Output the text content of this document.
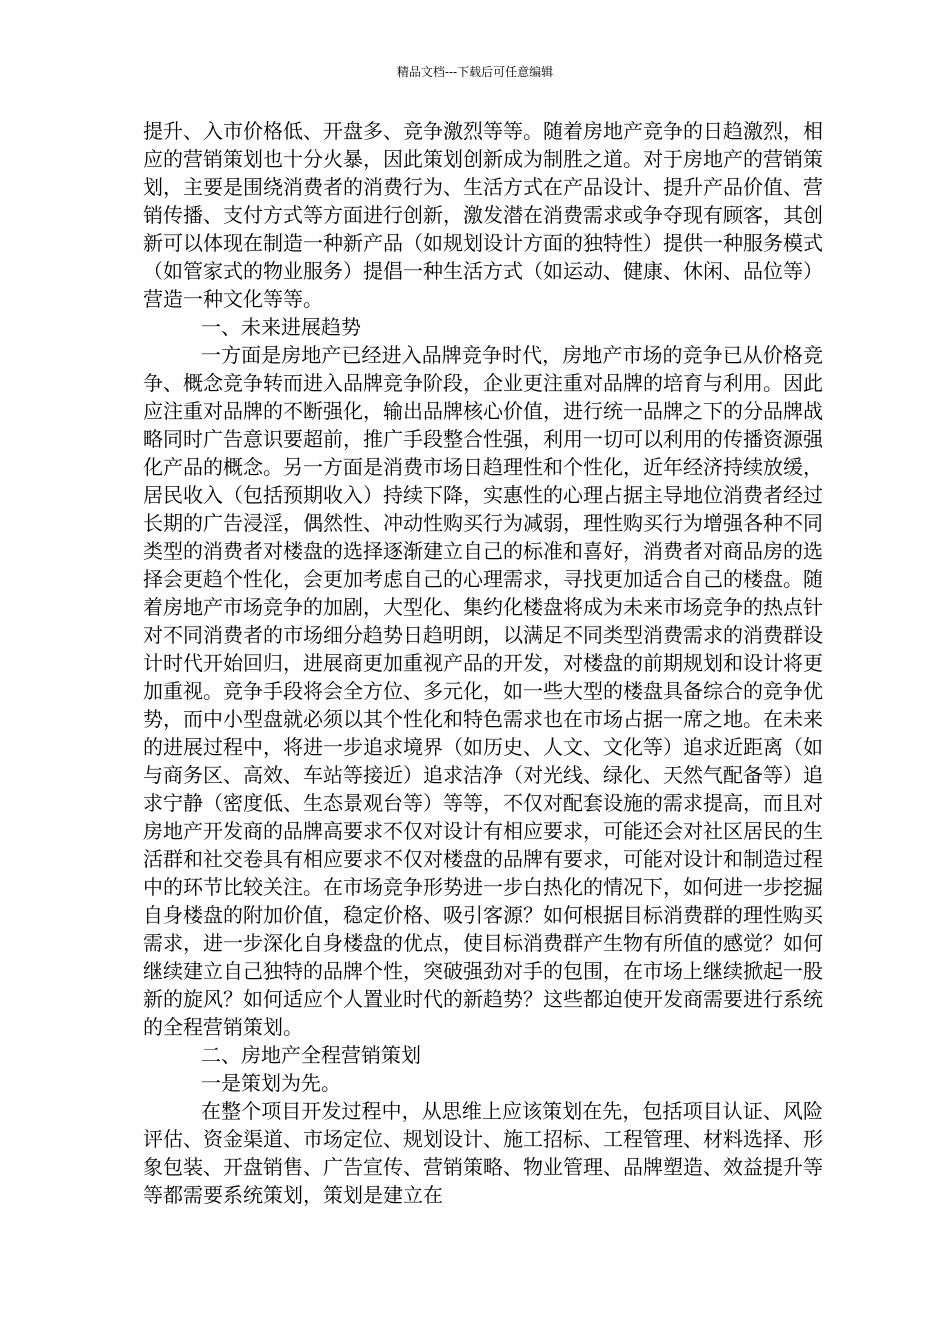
精品文档---下载后可任意编辑

提升、入市价格低、开盘多、竞争激烈等等。随着房地产竞争的日趋激烈，相应的营销策划也十分火暴，因此策划创新成为制胜之道。对于房地产的营销策划，主要是围绕消费者的消费行为、生活方式在产品设计、提升产品价值、营销传播、支付方式等方面进行创新，激发潜在消费需求或争夺现有顾客，其创新可以体现在制造一种新产品（如规划设计方面的独特性）提供一种服务模式（如管家式的物业服务）提倡一种生活方式（如运动、健康、休闲、品位等）营造一种文化等等。

一、未来进展趋势

一方面是房地产已经进入品牌竞争时代，房地产市场的竞争已从价格竞争、概念竞争转而进入品牌竞争阶段，企业更注重对品牌的培育与利用。因此应注重对品牌的不断强化，输出品牌核心价值，进行统一品牌之下的分品牌战略同时广告意识要超前，推广手段整合性强，利用一切可以利用的传播资源强化产品的概念。另一方面是消费市场日趋理性和个性化，近年经济持续放缓，居民收入（包括预期收入）持续下降，实惠性的心理占据主导地位消费者经过长期的广告浸淫，偶然性、冲动性购买行为减弱，理性购买行为增强各种不同类型的消费者对楼盘的选择逐渐建立自己的标准和喜好，消费者对商品房的选择会更趋个性化，会更加考虑自己的心理需求，寻找更加适合自己的楼盘。随着房地产市场竞争的加剧，大型化、集约化楼盘将成为未来市场竞争的热点针对不同消费者的市场细分趋势日趋明朗，以满足不同类型消费需求的消费群设计时代开始回归，进展商更加重视产品的开发，对楼盘的前期规划和设计将更加重视。竞争手段将会全方位、多元化，如一些大型的楼盘具备综合的竞争优势，而中小型盘就必须以其个性化和特色需求也在市场占据一席之地。在未来的进展过程中，将进一步追求境界（如历史、人文、文化等）追求近距离（如与商务区、高效、车站等接近）追求洁净（对光线、绿化、天然气配备等）追求宁静（密度低、生态景观台等）等等，不仅对配套设施的需求提高，而且对房地产开发商的品牌高要求不仅对设计有相应要求，可能还会对社区居民的生活群和社交卷具有相应要求不仅对楼盘的品牌有要求，可能对设计和制造过程中的环节比较关注。在市场竞争形势进一步白热化的情况下，如何进一步挖掘自身楼盘的附加价值，稳定价格、吸引客源？如何根据目标消费群的理性购买需求，进一步深化自身楼盘的优点，使目标消费群产生物有所值的感觉？如何继续建立自己独特的品牌个性，突破强劲对手的包围，在市场上继续掀起一股新的旋风？如何适应个人置业时代的新趋势？这些都迫使开发商需要进行系统的全程营销策划。

二、房地产全程营销策划

一是策划为先。

在整个项目开发过程中，从思维上应该策划在先，包括项目认证、风险评估、资金渠道、市场定位、规划设计、施工招标、工程管理、材料选择、形象包装、开盘销售、广告宣传、营销策略、物业管理、品牌塑造、效益提升等等都需要系统策划，策划是建立在
